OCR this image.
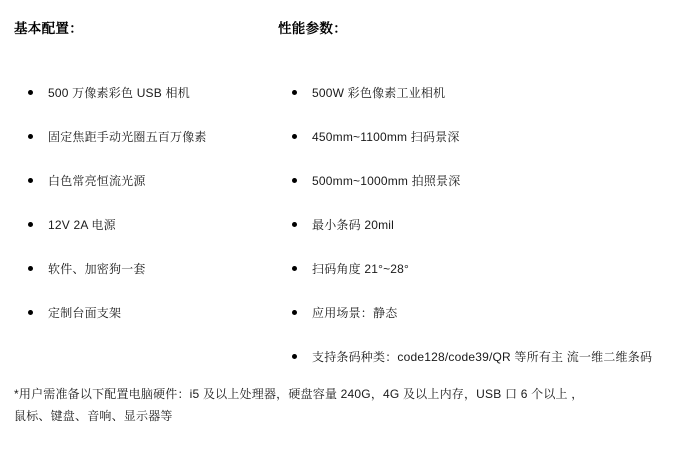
基本配置：
500 万像素彩色 USB 相机
固定焦距手动光圈五百万像素
白色常亮恒流光源
12V 2A 电源
软件、加密狗一套
定制台面支架
性能参数：
500W 彩色像素工业相机
450mm~1100mm 扫码景深
500mm~1000mm 拍照景深
最小条码 20mil
扫码角度 21°~28°
应用场景：静态
支持条码种类：code128/code39/QR 等所有主 流一维二维条码
*用户需准备以下配置电脑硬件：i5 及以上处理器，硬盘容量 240G，4G 及以上内存，USB 口 6 个以上 ，
鼠标、键盘、音响、显示器等
